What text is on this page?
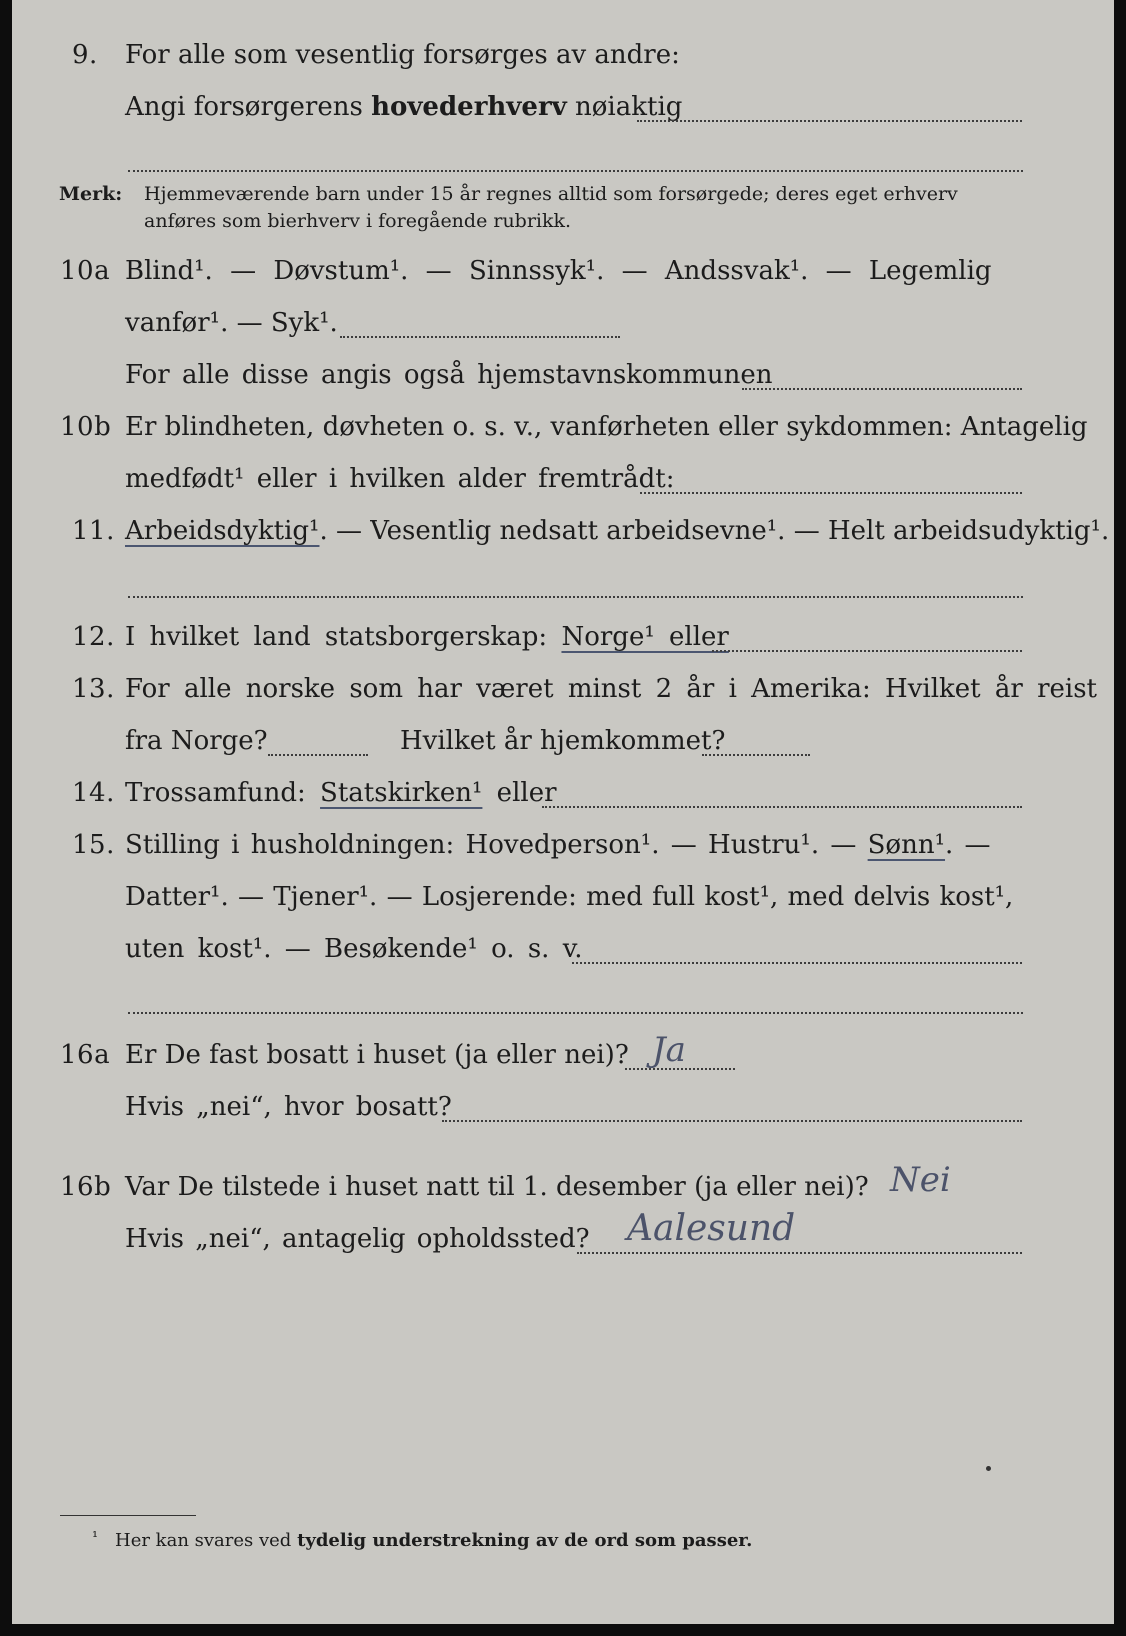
9. For alle som vesentlig forsørges av andre:
Angi forsørgerens hovederhverv nøiaktig
Merk: Hjemmeværende barn under 15 år regnes alltid som forsørgede; deres eget erhverv
anføres som bierhverv i foregående rubrikk.
10a Blind¹. — Døvstum¹. — Sinnssyk¹. — Andssvak¹. — Legemlig
vanfør¹. — Syk¹.
For alle disse angis også hjemstavnskommunen
10b Er blindheten, døvheten o. s. v., vanførheten eller sykdommen: Antagelig
medfødt¹ eller i hvilken alder fremtrådt:
11. Arbeidsdyktig¹. — Vesentlig nedsatt arbeidsevne¹. — Helt arbeidsudyktig¹.
12. I hvilket land statsborgerskap: Norge¹ eller
13. For alle norske som har været minst 2 år i Amerika: Hvilket år reist
fra Norge?	Hvilket år hjemkommet?
14. Trossamfund: Statskirken¹ eller
15. Stilling i husholdningen: Hovedperson¹. — Hustru¹. — Sønn¹. —
Datter¹. — Tjener¹. — Losjerende: med full kost¹, med delvis kost¹,
uten kost¹. — Besøkende¹ o. s. v.
16a Er De fast bosatt i huset (ja eller nei)? Ja
Hvis „nei“, hvor bosatt?
16b Var De tilstede i huset natt til 1. desember (ja eller nei)? Nei
Hvis „nei“, antagelig opholdssted? Aalesund
¹ Her kan svares ved tydelig understrekning av de ord som passer.
